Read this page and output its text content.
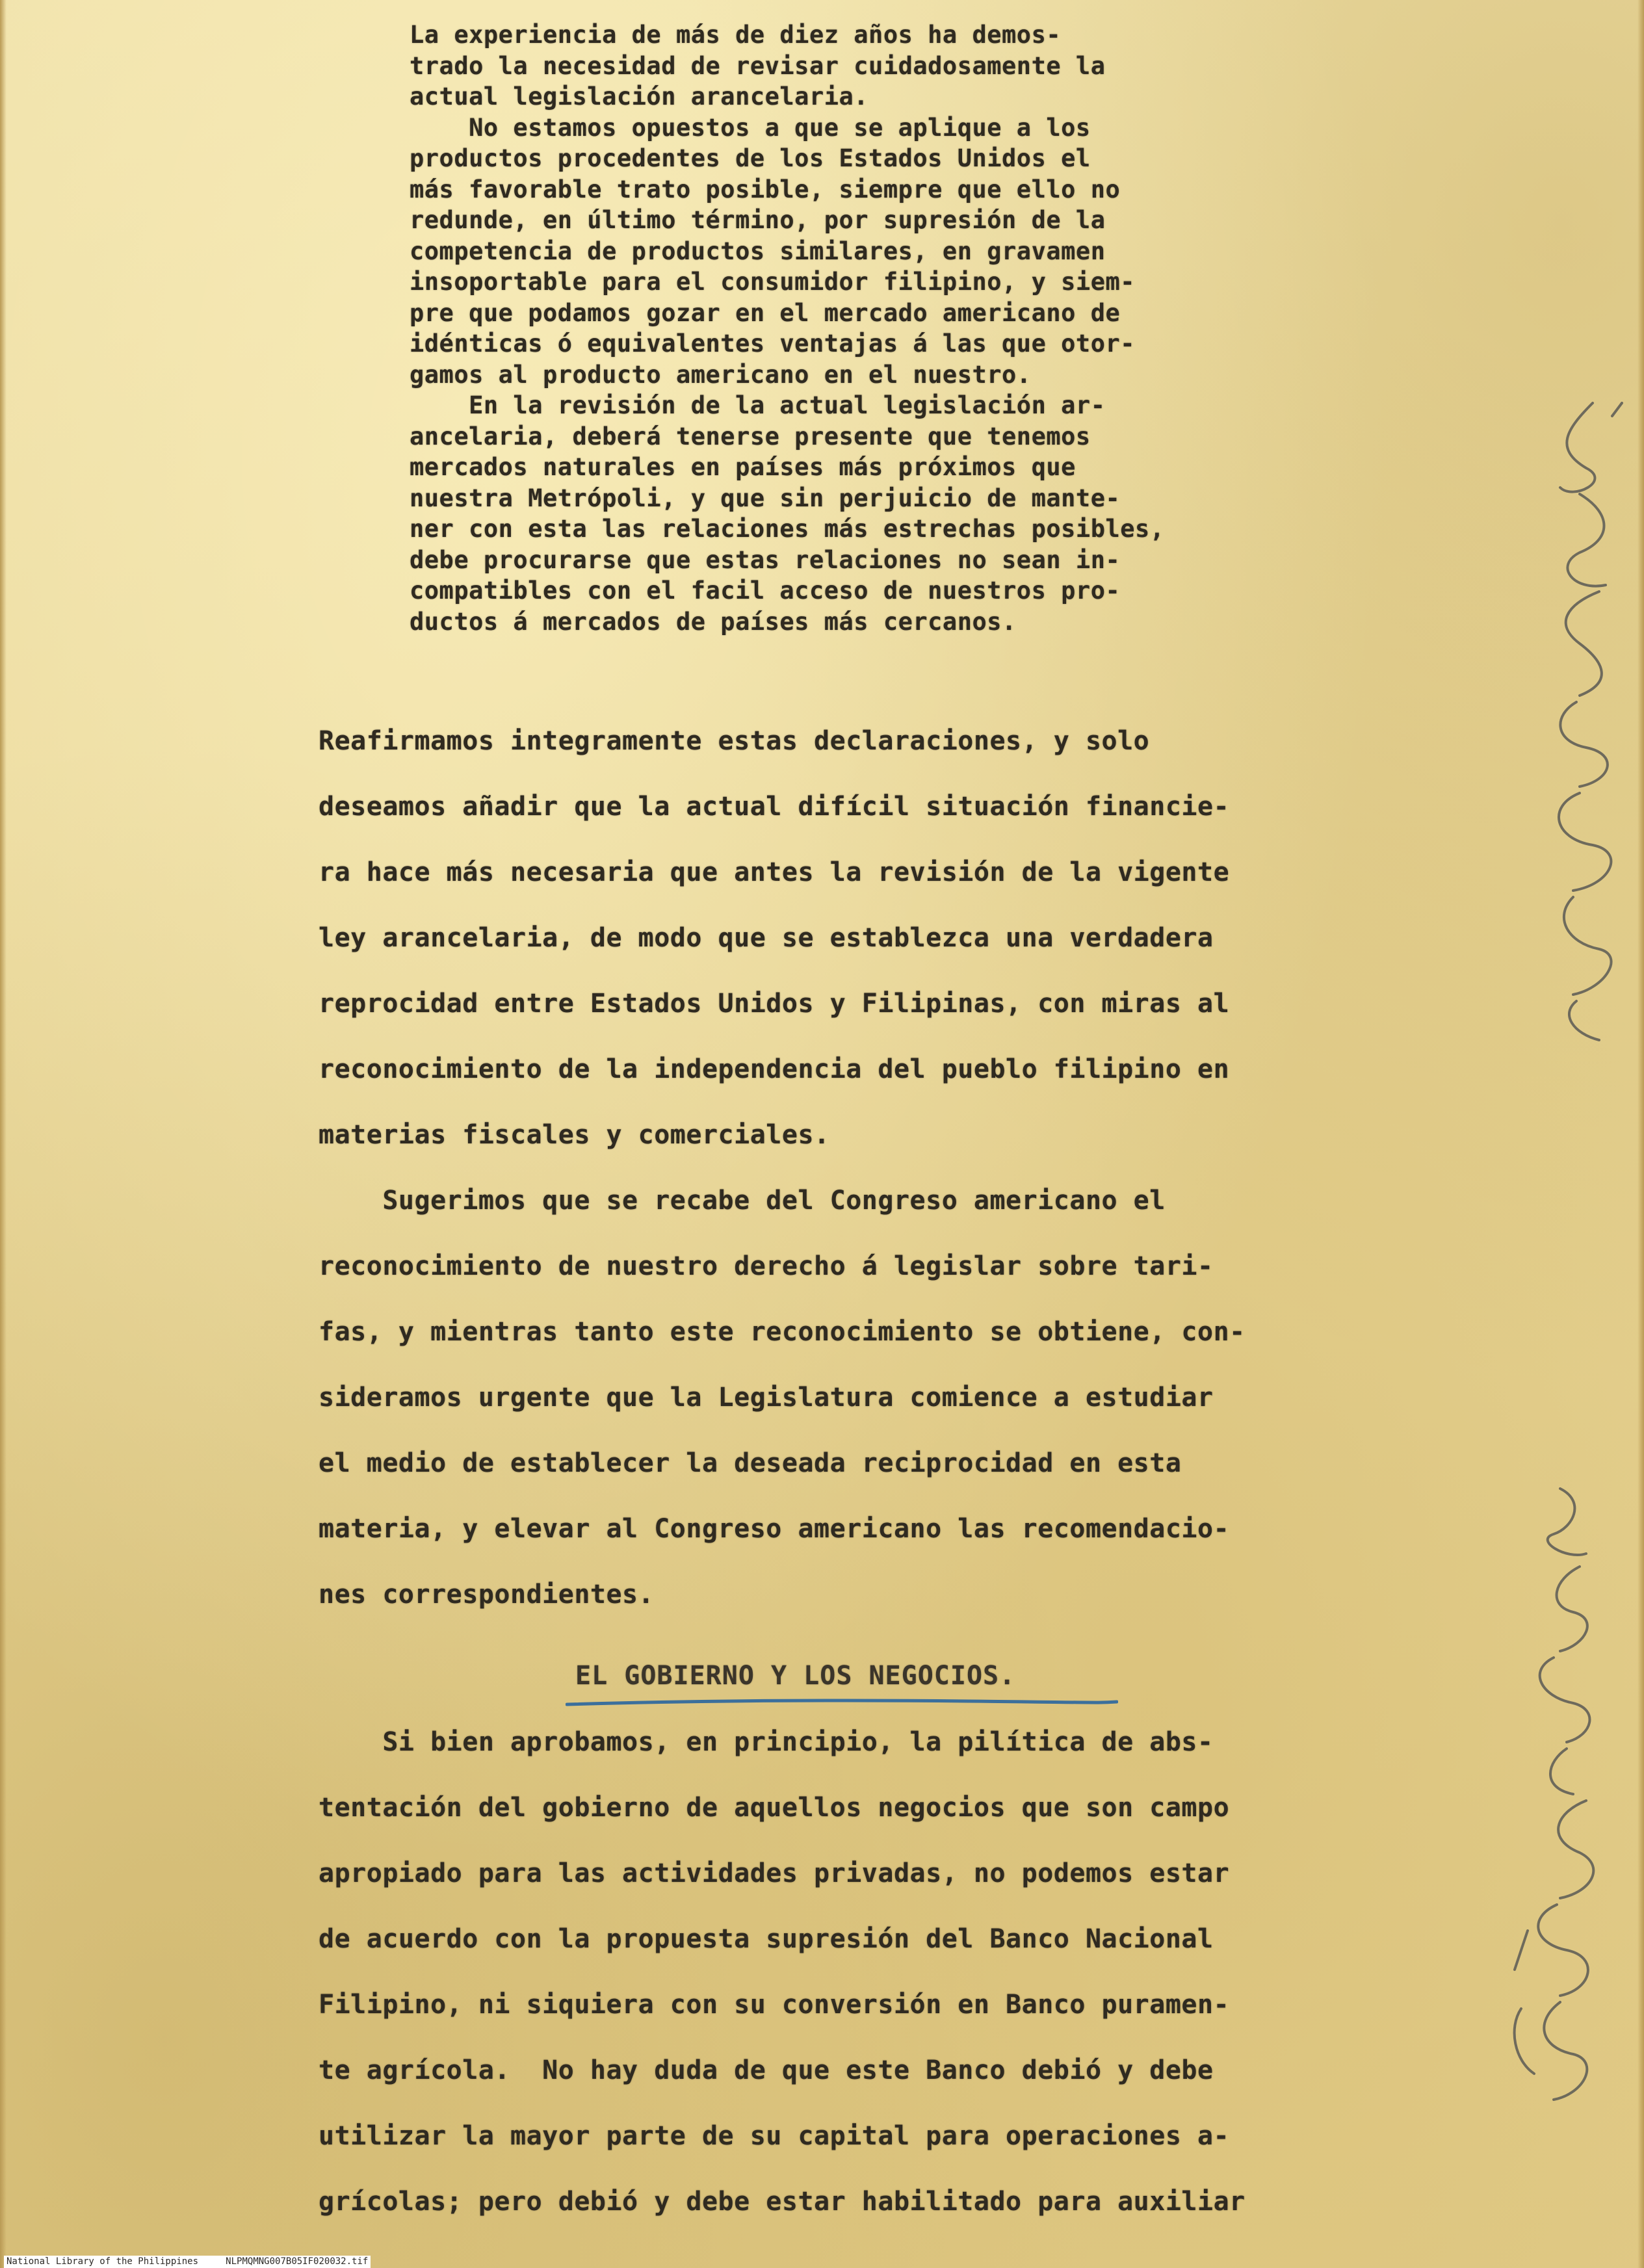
La experiencia de más de diez años ha demos-
trado la necesidad de revisar cuidadosamente la
actual legislación arancelaria.
No estamos opuestos a que se aplique a los
productos procedentes de los Estados Unidos el
más favorable trato posible, siempre que ello no
redunde, en último término, por supresión de la
competencia de productos similares, en gravamen
insoportable para el consumidor filipino, y siem-
pre que podamos gozar en el mercado americano de
idénticas ó equivalentes ventajas á las que otor-
gamos al producto americano en el nuestro.
En la revisión de la actual legislación ar-
ancelaria, deberá tenerse presente que tenemos
mercados naturales en países más próximos que
nuestra Metrópoli, y que sin perjuicio de mante-
ner con esta las relaciones más estrechas posibles,
debe procurarse que estas relaciones no sean in-
compatibles con el facil acceso de nuestros pro-
ductos á mercados de países más cercanos.
Reafirmamos integramente estas declaraciones, y solo
deseamos añadir que la actual difícil situación financie-
ra hace más necesaria que antes la revisión de la vigente
ley arancelaria, de modo que se establezca una verdadera
reprocidad entre Estados Unidos y Filipinas, con miras al
reconocimiento de la independencia del pueblo filipino en
materias fiscales y comerciales.
Sugerimos que se recabe del Congreso americano el
reconocimiento de nuestro derecho á legislar sobre tari-
fas, y mientras tanto este reconocimiento se obtiene, con-
sideramos urgente que la Legislatura comience a estudiar
el medio de establecer la deseada reciprocidad en esta
materia, y elevar al Congreso americano las recomendacio-
nes correspondientes.
EL GOBIERNO Y LOS NEGOCIOS.
Si bien aprobamos, en principio, la pilítica de abs-
tentación del gobierno de aquellos negocios que son campo
apropiado para las actividades privadas, no podemos estar
de acuerdo con la propuesta supresión del Banco Nacional
Filipino, ni siquiera con su conversión en Banco puramen-
te agrícola.  No hay duda de que este Banco debió y debe
utilizar la mayor parte de su capital para operaciones a-
grícolas; pero debió y debe estar habilitado para auxiliar
National Library of the Philippines	NLPMQMNG007B05IF020032.tif
